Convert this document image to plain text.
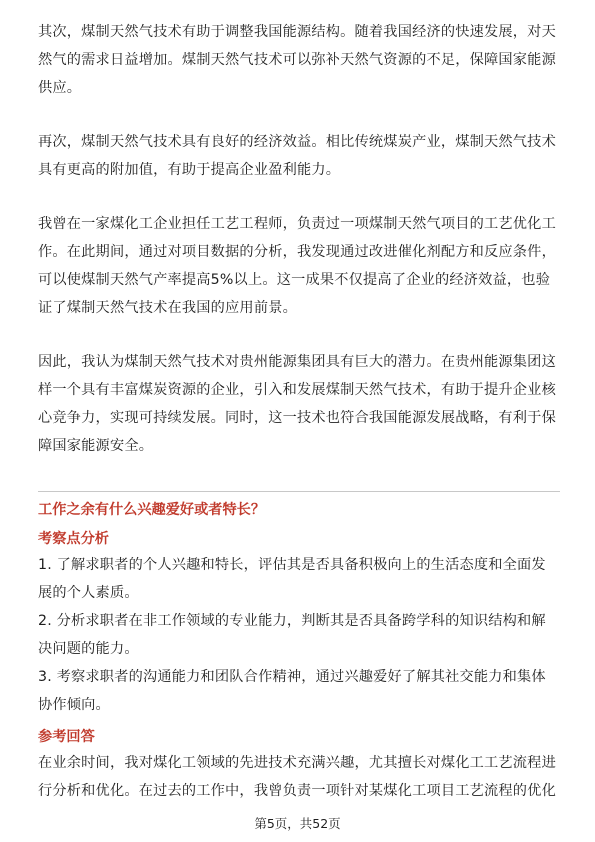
其次，煤制天然气技术有助于调整我国能源结构。随着我国经济的快速发展，对天然气的需求日益增加。煤制天然气技术可以弥补天然气资源的不足，保障国家能源供应。

再次，煤制天然气技术具有良好的经济效益。相比传统煤炭产业，煤制天然气技术具有更高的附加值，有助于提高企业盈利能力。

我曾在一家煤化工企业担任工艺工程师，负责过一项煤制天然气项目的工艺优化工作。在此期间，通过对项目数据的分析，我发现通过改进催化剂配方和反应条件，可以使煤制天然气产率提高5%以上。这一成果不仅提高了企业的经济效益，也验证了煤制天然气技术在我国的应用前景。

因此，我认为煤制天然气技术对贵州能源集团具有巨大的潜力。在贵州能源集团这样一个具有丰富煤炭资源的企业，引入和发展煤制天然气技术，有助于提升企业核心竞争力，实现可持续发展。同时，这一技术也符合我国能源发展战略，有利于保障国家能源安全。

工作之余有什么兴趣爱好或者特长？

考察点分析

1. 了解求职者的个人兴趣和特长，评估其是否具备积极向上的生活态度和全面发展的个人素质。
2. 分析求职者在非工作领域的专业能力，判断其是否具备跨学科的知识结构和解决问题的能力。
3. 考察求职者的沟通能力和团队合作精神，通过兴趣爱好了解其社交能力和集体协作倾向。

参考回答

在业余时间，我对煤化工领域的先进技术充满兴趣，尤其擅长对煤化工工艺流程进行分析和优化。在过去的工作中，我曾负责一项针对某煤化工项目工艺流程的优化

第5页，共52页
